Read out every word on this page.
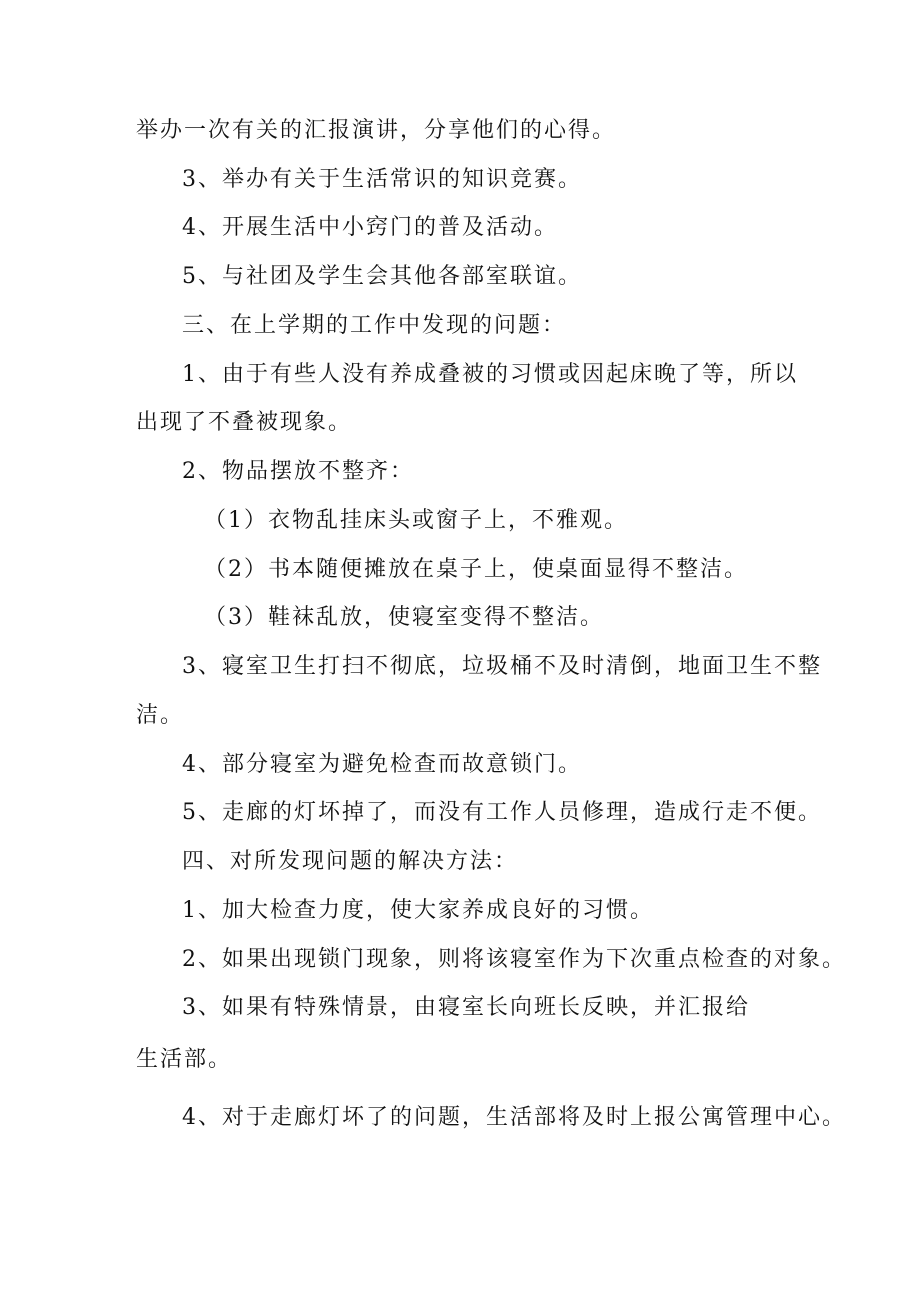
举办一次有关的汇报演讲，分享他们的心得。
3、举办有关于生活常识的知识竞赛。
4、开展生活中小窍门的普及活动。
5、与社团及学生会其他各部室联谊。
三、在上学期的工作中发现的问题：
1、由于有些人没有养成叠被的习惯或因起床晚了等，所以
出现了不叠被现象。
2、物品摆放不整齐：
（1）衣物乱挂床头或窗子上，不雅观。
（2）书本随便摊放在桌子上，使桌面显得不整洁。
（3）鞋袜乱放，使寝室变得不整洁。
3、寝室卫生打扫不彻底，垃圾桶不及时清倒，地面卫生不整
洁。
4、部分寝室为避免检查而故意锁门。
5、走廊的灯坏掉了，而没有工作人员修理，造成行走不便。
四、对所发现问题的解决方法：
1、加大检查力度，使大家养成良好的习惯。
2、如果出现锁门现象，则将该寝室作为下次重点检查的对象。
3、如果有特殊情景，由寝室长向班长反映，并汇报给
生活部。
4、对于走廊灯坏了的问题，生活部将及时上报公寓管理中心。
